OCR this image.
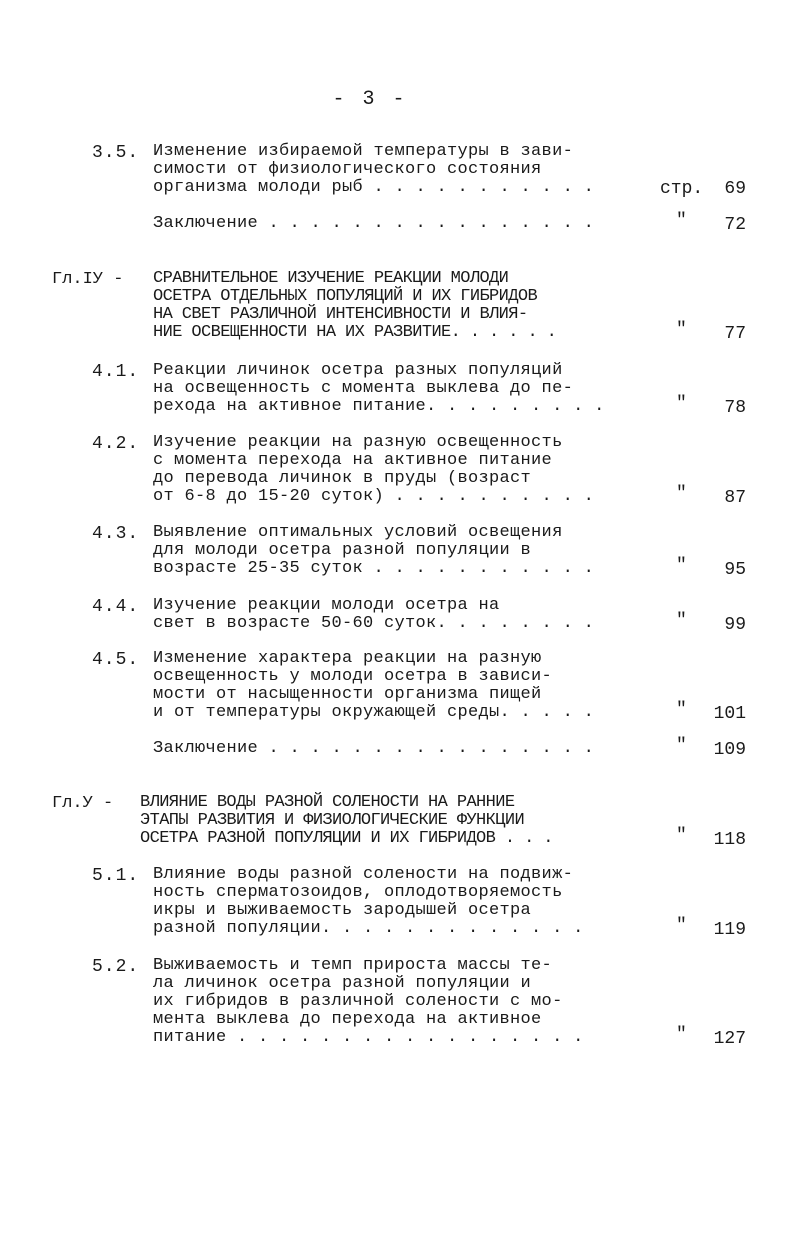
- 3 -
3.5. Изменение избираемой температуры в зави-
симости от физиологического состояния
организма молоди рыб . . . . . . . . . . .	стр. 69
Заключение . . . . . . . . . . . . . . . .	" 72
Гл.IУ - СРАВНИТЕЛЬНОЕ ИЗУЧЕНИЕ РЕАКЦИИ МОЛОДИ
ОСЕТРА ОТДЕЛЬНЫХ ПОПУЛЯЦИЙ И ИХ ГИБРИДОВ
НА СВЕТ РАЗЛИЧНОЙ ИНТЕНСИВНОСТИ И ВЛИЯ-
НИЕ ОСВЕЩЕННОСТИ НА ИХ РАЗВИТИЕ. . . . . .	" 77
4.1. Реакции личинок осетра разных популяций
на освещенность с момента выклева до пе-
рехода на активное питание. . . . . . . . .	" 78
4.2. Изучение реакции на разную освещенность
с момента перехода на активное питание
до перевода личинок в пруды (возраст
от 6-8 до 15-20 суток) . . . . . . . . . .	" 87
4.3. Выявление оптимальных условий освещения
для молоди осетра разной популяции в
возрасте 25-35 суток . . . . . . . . . . .	" 95
4.4. Изучение реакции молоди осетра на
свет в возрасте 50-60 суток. . . . . . . .	" 99
4.5. Изменение характера реакции на разную
освещенность у молоди осетра в зависи-
мости от насыщенности организма пищей
и от температуры окружающей среды. . . . .	" 101
Заключение . . . . . . . . . . . . . . . .	" 109
Гл.У - ВЛИЯНИЕ ВОДЫ РАЗНОЙ СОЛЕНОСТИ НА РАННИЕ
ЭТАПЫ РАЗВИТИЯ И ФИЗИОЛОГИЧЕСКИЕ ФУНКЦИИ
ОСЕТРА РАЗНОЙ ПОПУЛЯЦИИ И ИХ ГИБРИДОВ . . .	" 118
5.1. Влияние воды разной солености на подвиж-
ность сперматозоидов, оплодотворяемость
икры и выживаемость зародышей осетра
разной популяции. . . . . . . . . . . . .	" 119
5.2. Выживаемость и темп прироста массы те-
ла личинок осетра разной популяции и
их гибридов в различной солености с мо-
мента выклева до перехода на активное
питание . . . . . . . . . . . . . . . . .	" 127
